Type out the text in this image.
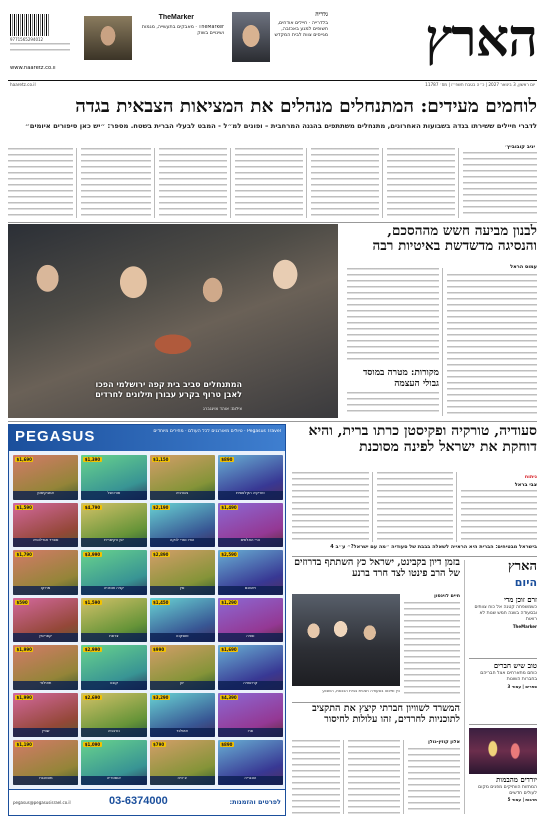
הארץ
גלריה
בלדרייה · חיילים אודחים, חשופים למגע באכזבה, מגייסים צוות לבית המקדש
TheMarker
TheMarker · מאבקים בתעשייה, מגמות ושינויים בשוק
9771565294012
www.haaretz.co.il
יום ראשון, 3 בינואר 2027 | כ״ה בטבת תשפ״ז | מס׳ 11787
haaretz.co.il
לוחמים מעידים: המתנחלים מנהלים את המציאות הצבאית בגדה
לדברי חיילים ששירתו בגדה בשבועות האחרונים, מתנחלים משתתפים בהגנה המרחבית – ופונים למ״ל - המבט לבעלי הברית בשטח. מספר: ״יש כאן סיפורים איומים״
יניב קובוביץ׳
המתנחלים סביב בית קפה ירושלמי הפכו לאבן טרוף בקרע עבורן תילונים לחרדים
צילום: אוהד צויגנברג
לבנון מביעה חשש מההסכם, והנסיגה מדשדשת באיטיות רבה
עמוס הראל
מקורות: מטרה במוסד גבולי העצמה
PEGASUS	Pegasus Travel · טיולים מאורגנים לכל העולם · מחירים מיוחדים
$890
טורקיה הקלאסית
$1,150
גאורגיה
$1,390
פורטוגל
$1,690
אוזבקיסטן
$1,490
הרי האלפים
$2,190
הודו וסרי לנקה
$4,790
יפן הקיסרית
$1,590
ספרד אנדלוסיה
$2,590
ויאטנם
$2,890
סין
$3,990
קניה וטנזניה
$1,790
מרוקו
$1,290
ונציה
$1,450
טוסקנה
$1,590
צרפת
$590
קפריסין
$1,690
קרואטיה
$990
יוון
$2,990
קובה
$1,990
תאילנד
$4,390
פרו
$3,290
איסלנד
$2,690
נורבגיה
$1,990
שוויץ
$890
הונגריה
$790
צ׳כיה
$1,090
אוסטריה
$1,190
מונטנגרו
לפרטים והזמנות:
03-6374000
pegasus@pegasusisrael.co.il
סעודיה, טורקיה ופקיסטן כרתו ברית, והיא דוחקת את ישראל לפינה מסוכנת
ניתוח
צבי בראל
בישראל מבטיחים: הברית היא הראייה לשאלה בבבת של סעודיה ״מה עם ישראל?״ ע״ב 4
הארץ
היום
זרם זוכן מדי
כשמשפחה קטנה אל כוח צוותים ובסעודה בשנה חמש שנות לא רואות
TheMarker
טוב שיש חברים
כוחם מתארחים אצל חבריהם בחברות השונות
ספרים | עמוד 3
יורדים מהבמות
המחזות הוותיקים מפנים מקום לעולים חדשים
תרבות | עמוד 5
בזמן דיון בקבינט, ישראל כץ השתתף בדרוזים של הרב פינטו לצד חרד ברנע
חיים לוינסון
כץ ופינטו בסעודה חגיגית בבית הכנסת, השבוע
המשרד לשוויון חברתי קיצץ את התקציב לתוכניות לחרדים, זהו עלולות לחיסור
אלון קוזין-גולן
